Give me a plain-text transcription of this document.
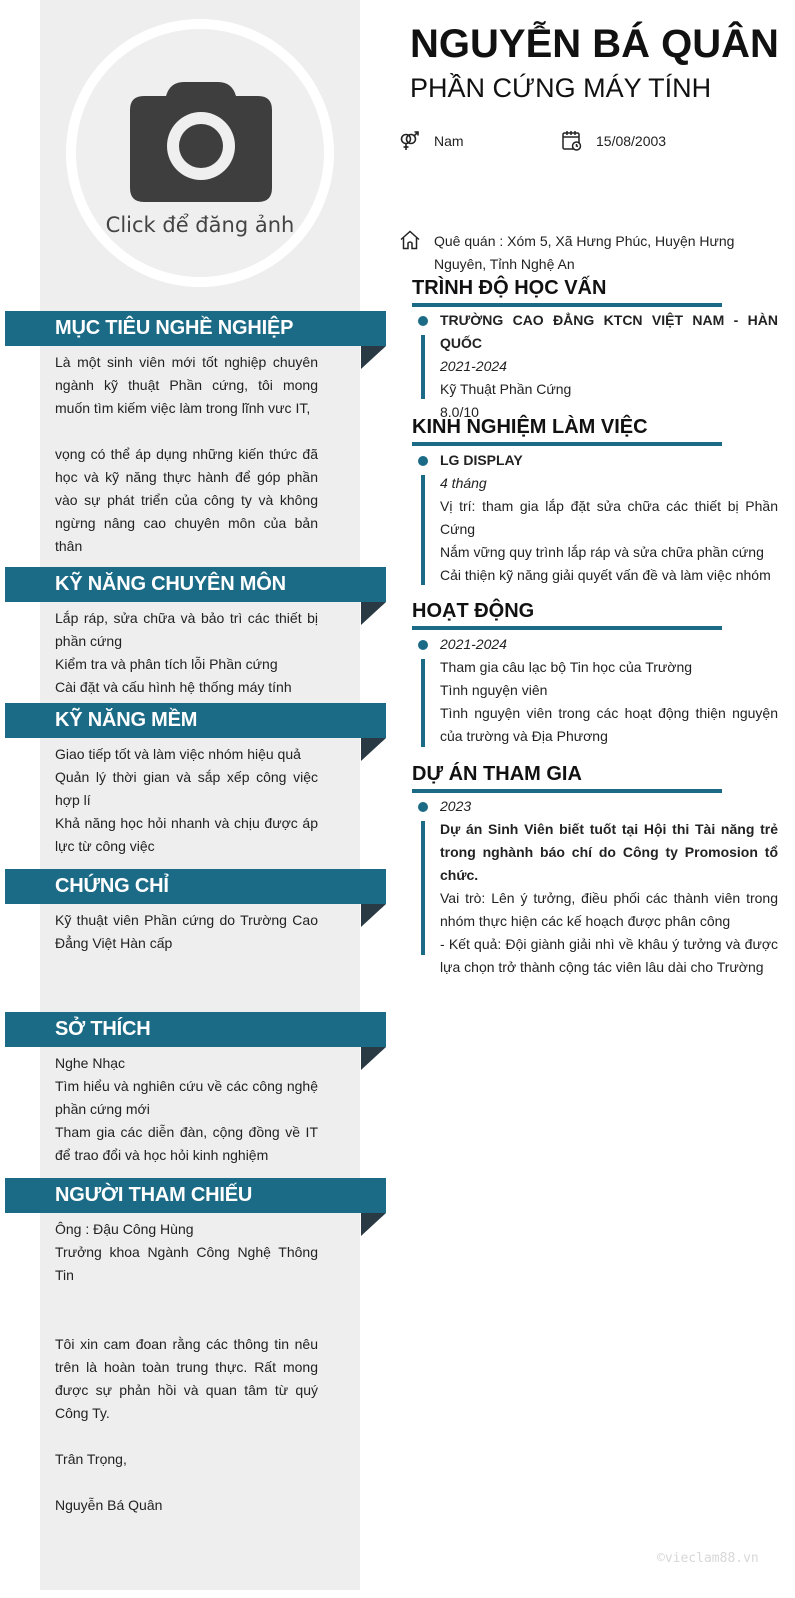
Click để đăng ảnh
MỤC TIÊU NGHỀ NGHIỆP

Là một sinh viên mới tốt nghiệp chuyên ngành kỹ thuật Phần cứng, tôi mong muốn tìm kiếm việc làm trong lĩnh vưc IT,

vọng có thể áp dụng những kiến thức đã học và kỹ năng thực hành để góp phần vào sự phát triển của công ty và không ngừng nâng cao chuyên môn của bản thân

KỸ NĂNG CHUYÊN MÔN

Lắp ráp, sửa chữa và bảo trì các thiết bị phần cứng

Kiểm tra và phân tích lỗi Phần cứng

Cài đặt và cấu hình hệ thống máy tính

KỸ NĂNG MỀM

Giao tiếp tốt và làm việc nhóm hiệu quả

Quản lý thời gian và sắp xếp công việc hợp lí

Khả năng học hỏi nhanh và chịu được áp lực từ công việc

CHỨNG CHỈ

Kỹ thuật viên Phần cứng do Trường Cao Đẳng Việt Hàn cấp

SỞ THÍCH

Nghe Nhạc

Tìm hiểu và nghiên cứu về các công nghệ phần cứng mới

Tham gia các diễn đàn, cộng đồng về IT để trao đổi và học hỏi kinh nghiệm

NGƯỜI THAM CHIẾU

Ông : Đậu Công Hùng

Trưởng khoa Ngành Công Nghệ Thông Tin

Tôi xin cam đoan rằng các thông tin nêu trên là hoàn toàn trung thực. Rất mong được sự phản hồi và quan tâm từ quý Công Ty.

Trân Trọng,

Nguyễn Bá Quân

NGUYỄN BÁ QUÂN
PHẦN CỨNG MÁY TÍNH
Nam	15/08/2003
Quê quán : Xóm 5, Xã Hưng Phúc, Huyện Hưng Nguyên, Tỉnh Nghệ An
TRÌNH ĐỘ HỌC VẤN
TRƯỜNG CAO ĐẲNG KTCN VIỆT NAM - HÀN QUỐC
2021-2024
Kỹ Thuật Phần Cứng
8.0/10
KINH NGHIỆM LÀM VIỆC
LG DISPLAY
4 tháng
Vị trí: tham gia lắp đặt sửa chữa các thiết bị Phần Cứng
Nắm vững quy trình lắp ráp và sửa chữa phần cứng
Cải thiện kỹ năng giải quyết vấn đề và làm việc nhóm
HOẠT ĐỘNG
2021-2024
Tham gia câu lạc bộ Tin học của Trường
Tình nguyện viên
Tình nguyện viên trong các hoạt động thiện nguyện của trường và Địa Phương
DỰ ÁN THAM GIA
2023
Dự án Sinh Viên biết tuốt tại Hội thi Tài năng trẻ trong nghành báo chí do Công ty Promosion tổ chức.
Vai trò: Lên ý tưởng, điều phối các thành viên trong nhóm thực hiện các kế hoạch được phân công
- Kết quả: Đội giành giải nhì về khâu ý tưởng và được lựa chọn trở thành cộng tác viên lâu dài cho Trường
©vieclam88.vn
